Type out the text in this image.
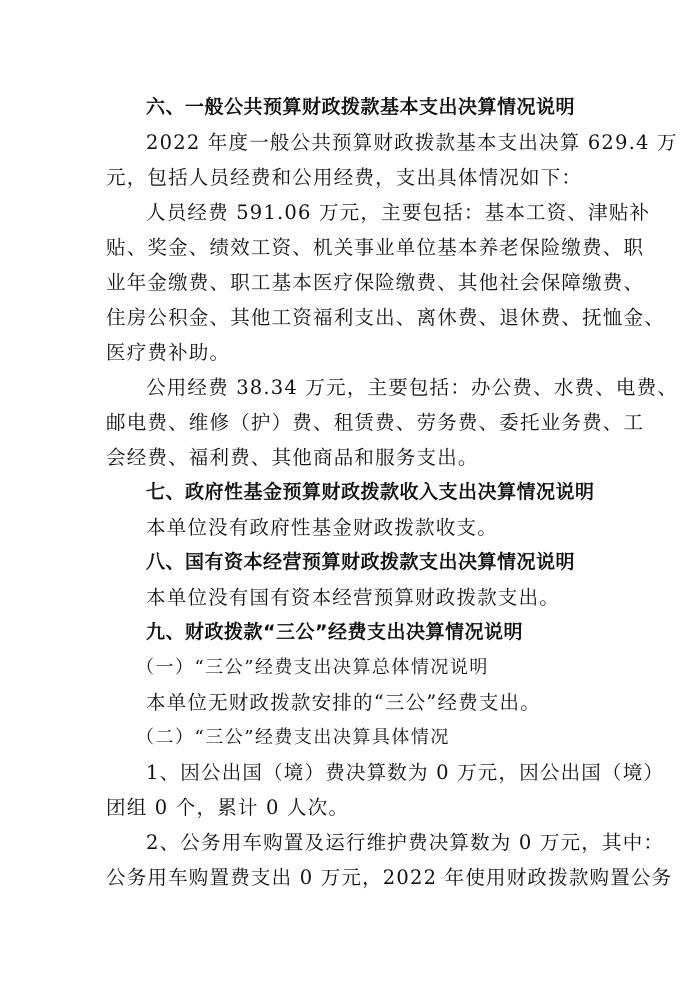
六、一般公共预算财政拨款基本支出决算情况说明

2022 年度一般公共预算财政拨款基本支出决算 629.4 万

元，包括人员经费和公用经费，支出具体情况如下：

人员经费 591.06 万元，主要包括：基本工资、津贴补

贴、奖金、绩效工资、机关事业单位基本养老保险缴费、职

业年金缴费、职工基本医疗保险缴费、其他社会保障缴费、

住房公积金、其他工资福利支出、离休费、退休费、抚恤金、

医疗费补助。

公用经费 38.34 万元，主要包括：办公费、水费、电费、

邮电费、维修（护）费、租赁费、劳务费、委托业务费、工

会经费、福利费、其他商品和服务支出。

七、政府性基金预算财政拨款收入支出决算情况说明

本单位没有政府性基金财政拨款收支。

八、国有资本经营预算财政拨款支出决算情况说明

本单位没有国有资本经营预算财政拨款支出。

九、财政拨款“三公”经费支出决算情况说明

（一）“三公”经费支出决算总体情况说明

本单位无财政拨款安排的“三公”经费支出。

（二）“三公”经费支出决算具体情况

1、因公出国（境）费决算数为 0 万元，因公出国（境）

团组 0 个，累计 0 人次。

2、公务用车购置及运行维护费决算数为 0 万元，其中：

公务用车购置费支出 0 万元，2022 年使用财政拨款购置公务
